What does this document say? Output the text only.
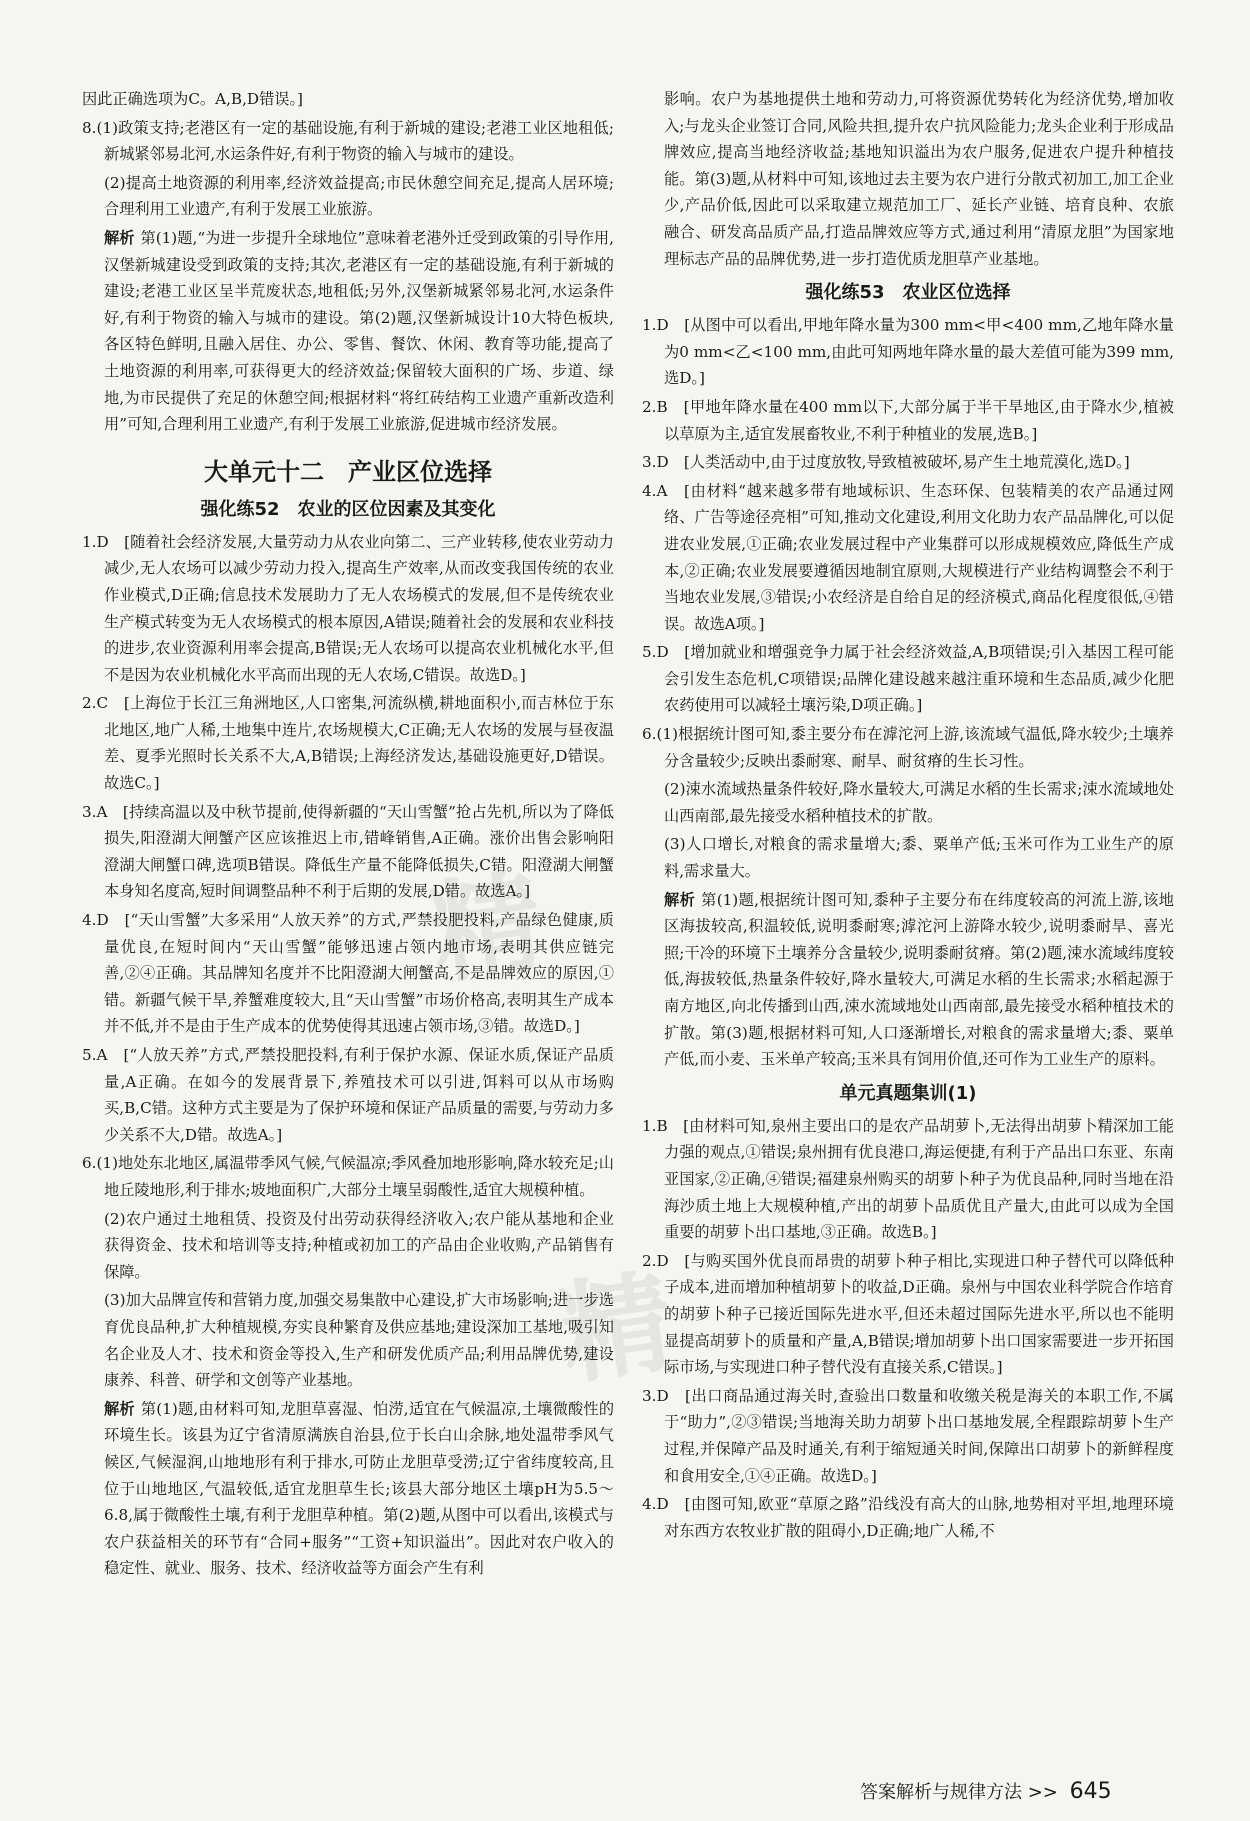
精
精

因此正确选项为C。A,B,D错误。]

8.(1)政策支持;老港区有一定的基础设施,有利于新城的建设;老港工业区地租低;新城紧邻易北河,水运条件好,有利于物资的输入与城市的建设。

(2)提高土地资源的利用率,经济效益提高;市民休憩空间充足,提高人居环境;合理利用工业遗产,有利于发展工业旅游。

解析 第(1)题,“为进一步提升全球地位”意味着老港外迁受到政策的引导作用,汉堡新城建设受到政策的支持;其次,老港区有一定的基础设施,有利于新城的建设;老港工业区呈半荒废状态,地租低;另外,汉堡新城紧邻易北河,水运条件好,有利于物资的输入与城市的建设。第(2)题,汉堡新城设计10大特色板块,各区特色鲜明,且融入居住、办公、零售、餐饮、休闲、教育等功能,提高了土地资源的利用率,可获得更大的经济效益;保留较大面积的广场、步道、绿地,为市民提供了充足的休憩空间;根据材料“将红砖结构工业遗产重新改造利用”可知,合理利用工业遗产,有利于发展工业旅游,促进城市经济发展。

大单元十二　产业区位选择
强化练52　农业的区位因素及其变化

1.D　[随着社会经济发展,大量劳动力从农业向第二、三产业转移,使农业劳动力减少,无人农场可以减少劳动力投入,提高生产效率,从而改变我国传统的农业作业模式,D正确;信息技术发展助力了无人农场模式的发展,但不是传统农业生产模式转变为无人农场模式的根本原因,A错误;随着社会的发展和农业科技的进步,农业资源利用率会提高,B错误;无人农场可以提高农业机械化水平,但不是因为农业机械化水平高而出现的无人农场,C错误。故选D。]

2.C　[上海位于长江三角洲地区,人口密集,河流纵横,耕地面积小,而吉林位于东北地区,地广人稀,土地集中连片,农场规模大,C正确;无人农场的发展与昼夜温差、夏季光照时长关系不大,A,B错误;上海经济发达,基础设施更好,D错误。故选C。]

3.A　[持续高温以及中秋节提前,使得新疆的“天山雪蟹”抢占先机,所以为了降低损失,阳澄湖大闸蟹产区应该推迟上市,错峰销售,A正确。涨价出售会影响阳澄湖大闸蟹口碑,选项B错误。降低生产量不能降低损失,C错。阳澄湖大闸蟹本身知名度高,短时间调整品种不利于后期的发展,D错。故选A。]

4.D　[“天山雪蟹”大多采用“人放天养”的方式,严禁投肥投料,产品绿色健康,质量优良,在短时间内“天山雪蟹”能够迅速占领内地市场,表明其供应链完善,②④正确。其品牌知名度并不比阳澄湖大闸蟹高,不是品牌效应的原因,①错。新疆气候干旱,养蟹难度较大,且“天山雪蟹”市场价格高,表明其生产成本并不低,并不是由于生产成本的优势使得其迅速占领市场,③错。故选D。]

5.A　[“人放天养”方式,严禁投肥投料,有利于保护水源、保证水质,保证产品质量,A正确。在如今的发展背景下,养殖技术可以引进,饵料可以从市场购买,B,C错。这种方式主要是为了保护环境和保证产品质量的需要,与劳动力多少关系不大,D错。故选A。]

6.(1)地处东北地区,属温带季风气候,气候温凉;季风叠加地形影响,降水较充足;山地丘陵地形,利于排水;坡地面积广,大部分土壤呈弱酸性,适宜大规模种植。

(2)农户通过土地租赁、投资及付出劳动获得经济收入;农户能从基地和企业获得资金、技术和培训等支持;种植或初加工的产品由企业收购,产品销售有保障。

(3)加大品牌宣传和营销力度,加强交易集散中心建设,扩大市场影响;进一步选育优良品种,扩大种植规模,夯实良种繁育及供应基地;建设深加工基地,吸引知名企业及人才、技术和资金等投入,生产和研发优质产品;利用品牌优势,建设康养、科普、研学和文创等产业基地。

解析 第(1)题,由材料可知,龙胆草喜湿、怕涝,适宜在气候温凉,土壤微酸性的环境生长。该县为辽宁省清原满族自治县,位于长白山余脉,地处温带季风气候区,气候湿润,山地地形有利于排水,可防止龙胆草受涝;辽宁省纬度较高,且位于山地地区,气温较低,适宜龙胆草生长;该县大部分地区土壤pH为5.5～6.8,属于微酸性土壤,有利于龙胆草种植。第(2)题,从图中可以看出,该模式与农户获益相关的环节有“合同+服务”“工资+知识溢出”。因此对农户收入的稳定性、就业、服务、技术、经济收益等方面会产生有利

影响。农户为基地提供土地和劳动力,可将资源优势转化为经济优势,增加收入;与龙头企业签订合同,风险共担,提升农户抗风险能力;龙头企业利于形成品牌效应,提高当地经济收益;基地知识溢出为农户服务,促进农户提升种植技能。第(3)题,从材料中可知,该地过去主要为农户进行分散式初加工,加工企业少,产品价低,因此可以采取建立规范加工厂、延长产业链、培育良种、农旅融合、研发高品质产品,打造品牌效应等方式,通过利用“清原龙胆”为国家地理标志产品的品牌优势,进一步打造优质龙胆草产业基地。

强化练53　农业区位选择

1.D　[从图中可以看出,甲地年降水量为300 mm<甲<400 mm,乙地年降水量为0 mm<乙<100 mm,由此可知两地年降水量的最大差值可能为399 mm,选D。]

2.B　[甲地年降水量在400 mm以下,大部分属于半干旱地区,由于降水少,植被以草原为主,适宜发展畜牧业,不利于种植业的发展,选B。]

3.D　[人类活动中,由于过度放牧,导致植被破坏,易产生土地荒漠化,选D。]

4.A　[由材料“越来越多带有地域标识、生态环保、包装精美的农产品通过网络、广告等途径亮相”可知,推动文化建设,利用文化助力农产品品牌化,可以促进农业发展,①正确;农业发展过程中产业集群可以形成规模效应,降低生产成本,②正确;农业发展要遵循因地制宜原则,大规模进行产业结构调整会不利于当地农业发展,③错误;小农经济是自给自足的经济模式,商品化程度很低,④错误。故选A项。]

5.D　[增加就业和增强竞争力属于社会经济效益,A,B项错误;引入基因工程可能会引发生态危机,C项错误;品牌化建设越来越注重环境和生态品质,减少化肥农药使用可以减轻土壤污染,D项正确。]

6.(1)根据统计图可知,黍主要分布在滹沱河上游,该流域气温低,降水较少;土壤养分含量较少;反映出黍耐寒、耐旱、耐贫瘠的生长习性。

(2)涑水流域热量条件较好,降水量较大,可满足水稻的生长需求;涑水流域地处山西南部,最先接受水稻种植技术的扩散。

(3)人口增长,对粮食的需求量增大;黍、粟单产低;玉米可作为工业生产的原料,需求量大。

解析 第(1)题,根据统计图可知,黍种子主要分布在纬度较高的河流上游,该地区海拔较高,积温较低,说明黍耐寒;滹沱河上游降水较少,说明黍耐旱、喜光照;干冷的环境下土壤养分含量较少,说明黍耐贫瘠。第(2)题,涑水流域纬度较低,海拔较低,热量条件较好,降水量较大,可满足水稻的生长需求;水稻起源于南方地区,向北传播到山西,涑水流域地处山西南部,最先接受水稻种植技术的扩散。第(3)题,根据材料可知,人口逐渐增长,对粮食的需求量增大;黍、粟单产低,而小麦、玉米单产较高;玉米具有饲用价值,还可作为工业生产的原料。

单元真题集训(1)

1.B　[由材料可知,泉州主要出口的是农产品胡萝卜,无法得出胡萝卜精深加工能力强的观点,①错误;泉州拥有优良港口,海运便捷,有利于产品出口东亚、东南亚国家,②正确,④错误;福建泉州购买的胡萝卜种子为优良品种,同时当地在沿海沙质土地上大规模种植,产出的胡萝卜品质优且产量大,由此可以成为全国重要的胡萝卜出口基地,③正确。故选B。]

2.D　[与购买国外优良而昂贵的胡萝卜种子相比,实现进口种子替代可以降低种子成本,进而增加种植胡萝卜的收益,D正确。泉州与中国农业科学院合作培育的胡萝卜种子已接近国际先进水平,但还未超过国际先进水平,所以也不能明显提高胡萝卜的质量和产量,A,B错误;增加胡萝卜出口国家需要进一步开拓国际市场,与实现进口种子替代没有直接关系,C错误。]

3.D　[出口商品通过海关时,查验出口数量和收缴关税是海关的本职工作,不属于“助力”,②③错误;当地海关助力胡萝卜出口基地发展,全程跟踪胡萝卜生产过程,并保障产品及时通关,有利于缩短通关时间,保障出口胡萝卜的新鲜程度和食用安全,①④正确。故选D。]

4.D　[由图可知,欧亚“草原之路”沿线没有高大的山脉,地势相对平坦,地理环境对东西方农牧业扩散的阻碍小,D正确;地广人稀,不

答案解析与规律方法 >> 645
